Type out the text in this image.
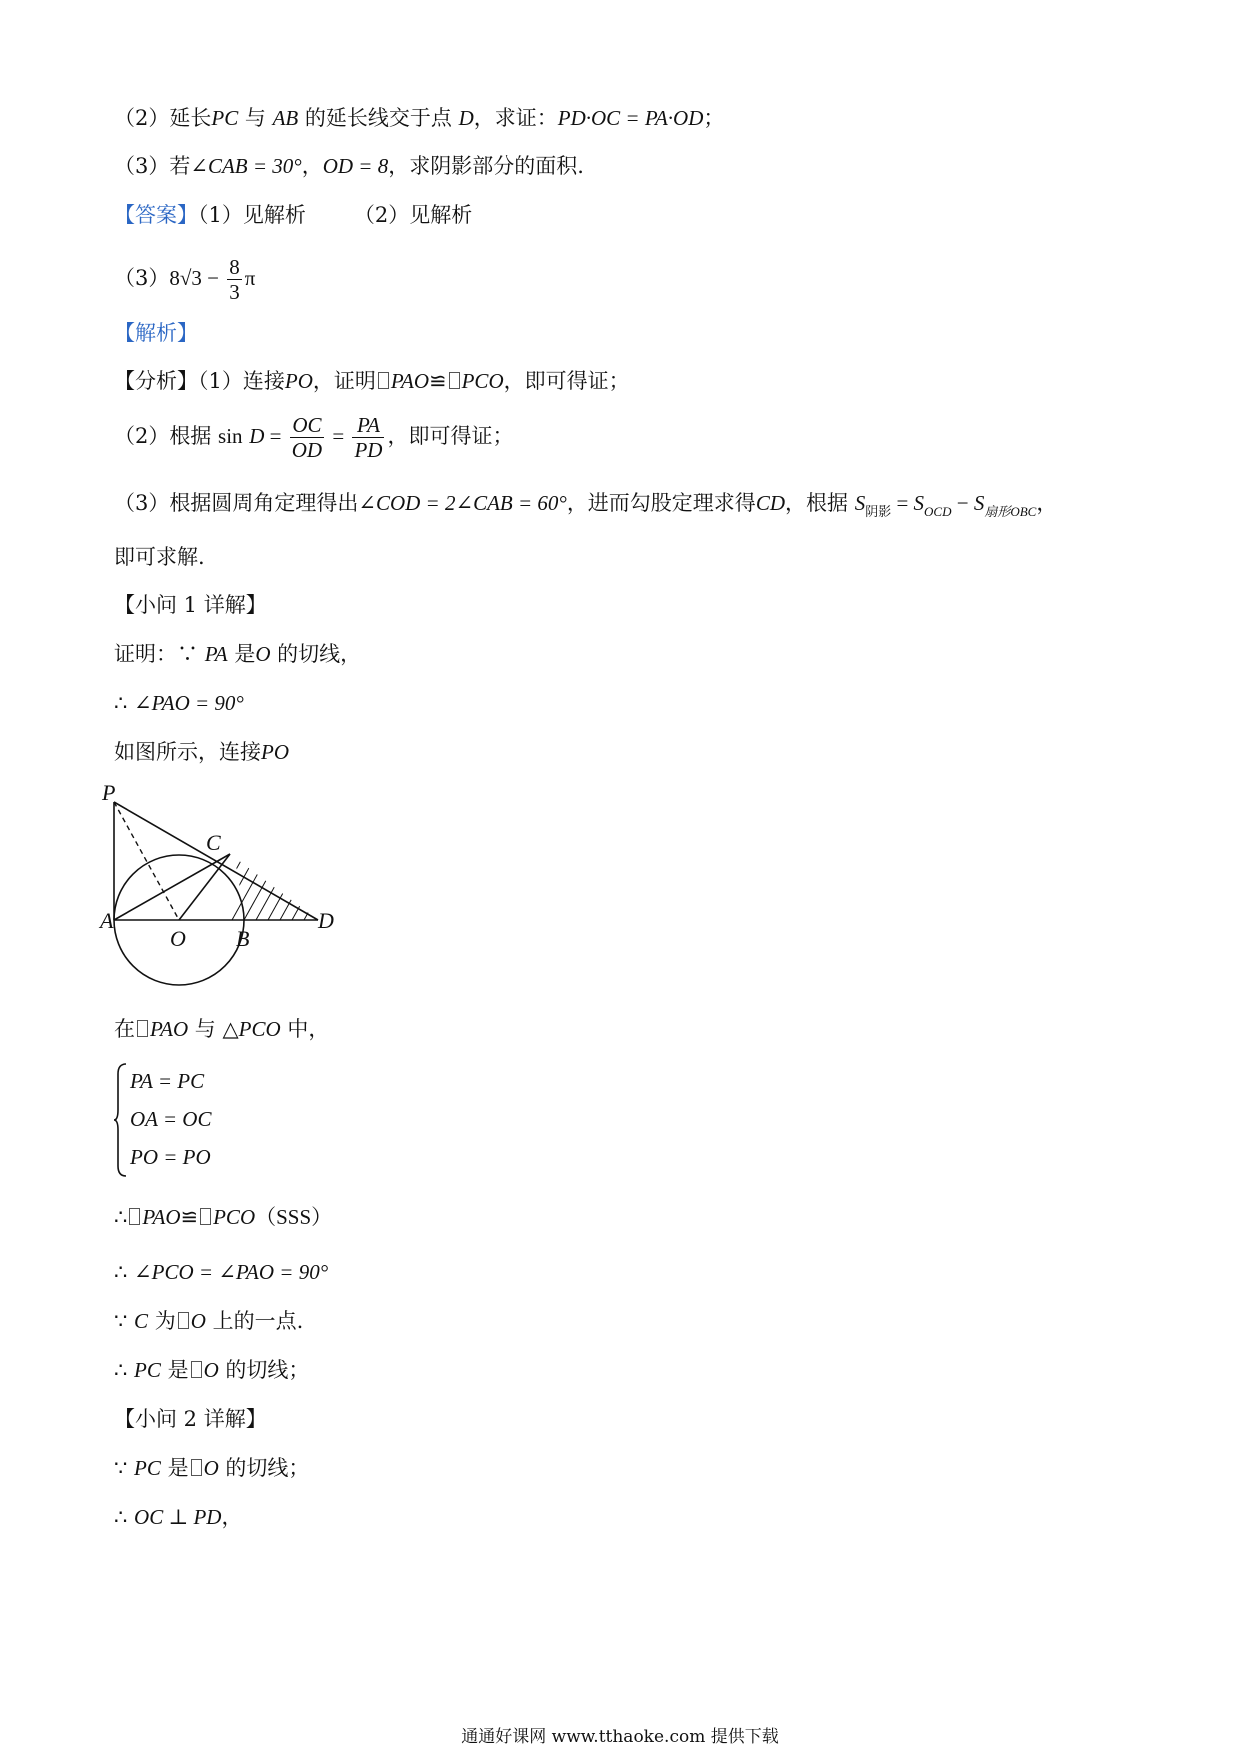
（2）延长PC 与 AB 的延长线交于点 D，求证：PD·OC = PA·OD；
（3）若∠CAB = 30°，OD = 8，求阴影部分的面积.
【答案】（1）见解析 （2）见解析
$(3)8√3 - \frac{8}{3}$ π
【解析】
【分析】（1）连接PO，证明 PAO≌ PCO，即可得证；
（2）根据 $\sin D = \frac{OC}{OD} = \frac{PA}{PD}$ ，即可得证；
（3）根据圆周角定理得出∠COD = 2∠CAB = 60°，进而勾股定理求得CD，根据 $S_{阴影} = S_{OCD} - S_{扇形OBC}$，
即可求解.
【小问 1 详解】
证明：∵ PA 是O 的切线，
∴ ∠PAO = 90°
如图所示，连接PO
P
C
A
O B
D
在 PAO 与 △PCO 中，
PA = PC
OA = OC
PO = PO
∴ PAO≌ PCO（SSS）
∴ ∠PCO = ∠PAO = 90°
∵ C 为 O 上的一点.
∴ PC 是 O 的切线；
【小问 2 详解】
∵ PC 是 O 的切线；
∴ OC ⊥ PD，
通通好课网 www.tthaoke.com 提供下载
